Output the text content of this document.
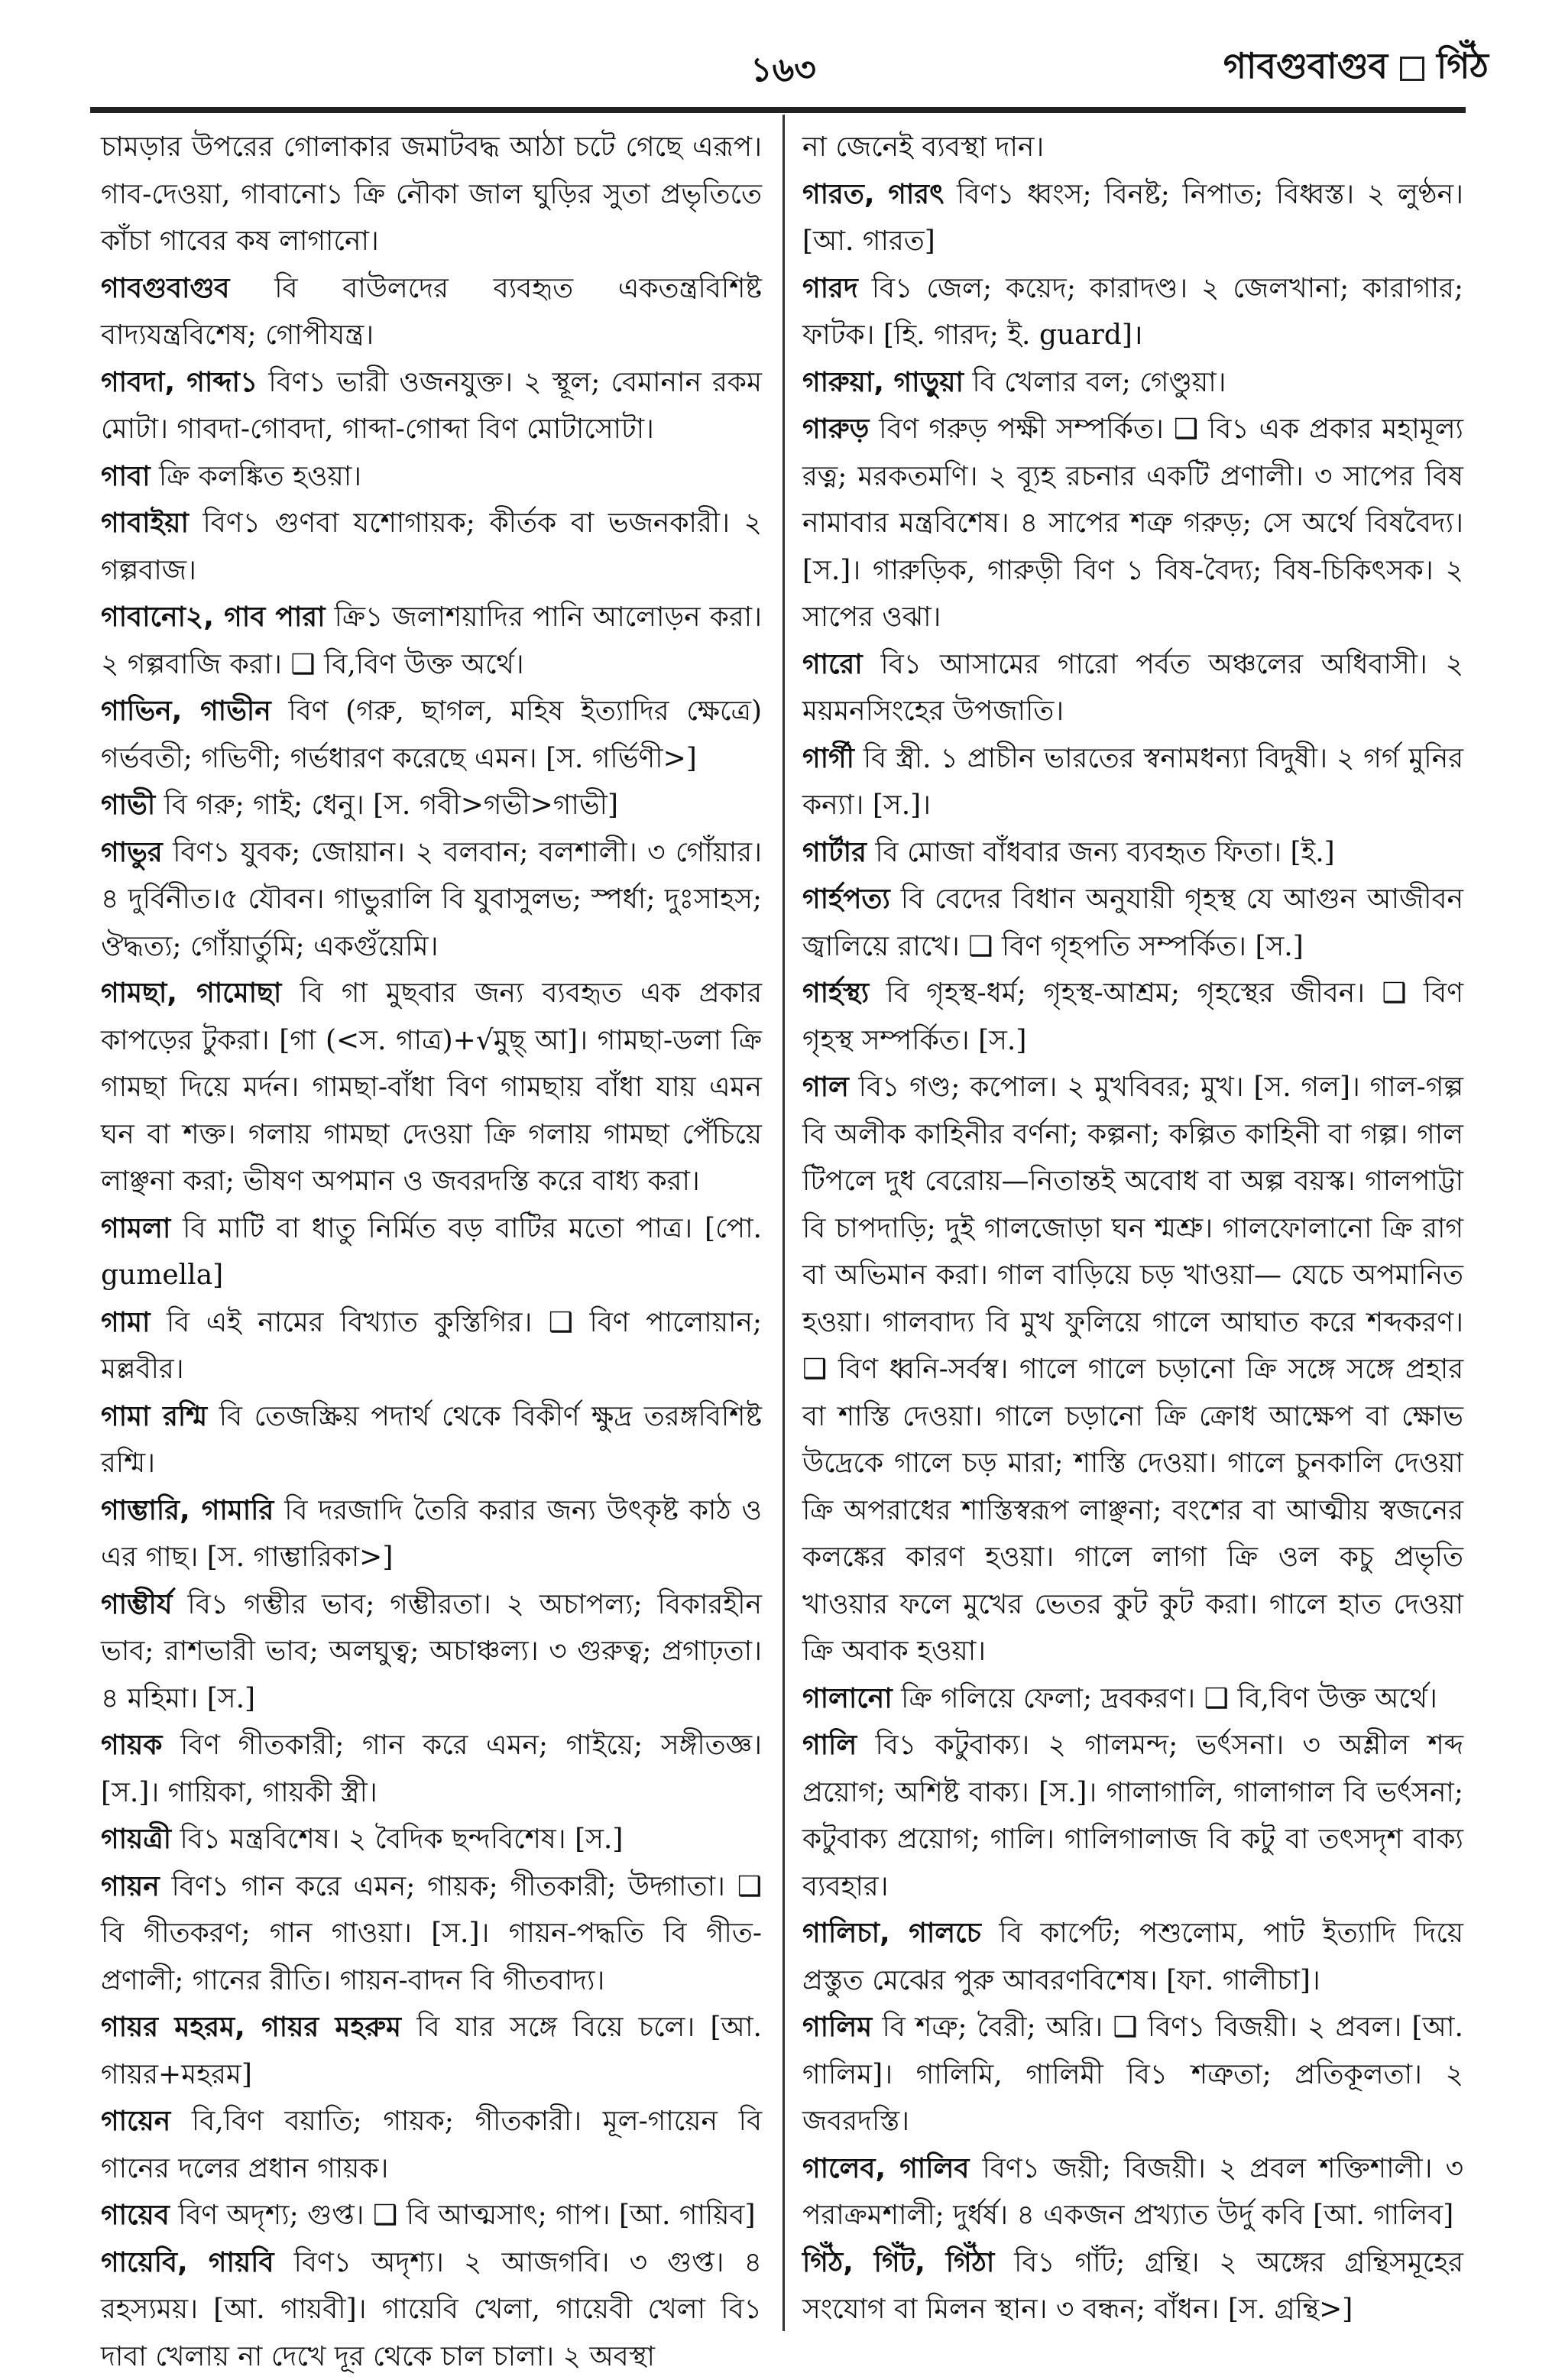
১৬৩	গাবগুবাগুব গিঁঠ

চামড়ার উপরের গোলাকার জমাটবদ্ধ আঠা চটে গেছে এরূপ। গাব-দেওয়া, গাবানো১ ক্রি নৌকা জাল ঘুড়ির সুতা প্রভৃতিতে কাঁচা গাবের কষ লাগানো।

গাবগুবাগুব বি বাউলদের ব্যবহৃত একতন্ত্রবিশিষ্ট বাদ্যযন্ত্রবিশেষ; গোপীযন্ত্র।

গাবদা, গাব্দা১ বিণ১ ভারী ওজনযুক্ত। ২ স্থূল; বেমানান রকম মোটা। গাবদা-গোবদা, গাব্দা-গোব্দা বিণ মোটাসোটা।

গাবা ক্রি কলঙ্কিত হওয়া।

গাবাইয়া বিণ১ গুণবা যশোগায়ক; কীর্তক বা ভজনকারী। ২ গল্পবাজ।

গাবানো২, গাব পারা ক্রি১ জলাশয়াদির পানি আলোড়ন করা। ২ গল্পবাজি করা। ❑ বি,বিণ উক্ত অর্থে।

গাভিন, গাভীন বিণ (গরু, ছাগল, মহিষ ইত্যাদির ক্ষেত্রে) গর্ভবতী; গভিণী; গর্ভধারণ করেছে এমন। [স. গর্ভিণী>]

গাভী বি গরু; গাই; ধেনু। [স. গবী>গভী>গাভী]

গাভুর বিণ১ যুবক; জোয়ান। ২ বলবান; বলশালী। ৩ গোঁয়ার।৪ দুর্বিনীত।৫ যৌবন। গাভুরালি বি যুবাসুলভ; স্পর্ধা; দুঃসাহস; ঔদ্ধত্য; গোঁয়ার্তুমি; একগুঁয়েমি।

গামছা, গামোছা বি গা মুছবার জন্য ব্যবহৃত এক প্রকার কাপড়ের টুকরা। [গা (<স. গাত্র)+√মুছ্ আ]। গামছা-ডলা ক্রি গামছা দিয়ে মর্দন। গামছা-বাঁধা বিণ গামছায় বাঁধা যায় এমন ঘন বা শক্ত। গলায় গামছা দেওয়া ক্রি গলায় গামছা পেঁচিয়ে লাঞ্ছনা করা; ভীষণ অপমান ও জবরদস্তি করে বাধ্য করা।

গামলা বি মাটি বা ধাতু নির্মিত বড় বাটির মতো পাত্র। [পো. gumella]

গামা বি এই নামের বিখ্যাত কুস্তিগির। ❑ বিণ পালোয়ান; মল্লবীর।

গামা রশ্মি বি তেজস্ক্রিয় পদার্থ থেকে বিকীর্ণ ক্ষুদ্র তরঙ্গবিশিষ্ট রশ্মি।

গাম্ভারি, গামারি বি দরজাদি তৈরি করার জন্য উৎকৃষ্ট কাঠ ও এর গাছ। [স. গাম্ভারিকা>]

গাম্ভীর্য বি১ গম্ভীর ভাব; গম্ভীরতা। ২ অচাপল্য; বিকারহীন ভাব; রাশভারী ভাব; অলঘুত্ব; অচাঞ্চল্য। ৩ গুরুত্ব; প্রগাঢ়তা। ৪ মহিমা। [স.]

গায়ক বিণ গীতকারী; গান করে এমন; গাইয়ে; সঙ্গীতজ্ঞ। [স.]। গায়িকা, গায়কী স্ত্রী।

গায়ত্রী বি১ মন্ত্রবিশেষ। ২ বৈদিক ছন্দবিশেষ। [স.]

গায়ন বিণ১ গান করে এমন; গায়ক; গীতকারী; উদ্গাতা। ❑ বি গীতকরণ; গান গাওয়া। [স.]। গায়ন-পদ্ধতি বি গীত-প্রণালী; গানের রীতি। গায়ন-বাদন বি গীতবাদ্য।

গায়র মহরম, গায়র মহরুম বি যার সঙ্গে বিয়ে চলে। [আ. গায়র+মহরম]

গায়েন বি,বিণ বয়াতি; গায়ক; গীতকারী। মূল-গায়েন বি গানের দলের প্রধান গায়ক।

গায়েব বিণ অদৃশ্য; গুপ্ত। ❑ বি আত্মসাৎ; গাপ। [আ. গায়িব]

গায়েবি, গায়বি বিণ১ অদৃশ্য। ২ আজগবি। ৩ গুপ্ত। ৪ রহস্যময়। [আ. গায়বী]। গায়েবি খেলা, গায়েবী খেলা বি১ দাবা খেলায় না দেখে দূর থেকে চাল চালা। ২ অবস্থা

না জেনেই ব্যবস্থা দান।

গারত, গারৎ বিণ১ ধ্বংস; বিনষ্ট; নিপাত; বিধ্বস্ত। ২ লুণ্ঠন। [আ. গারত]

গারদ বি১ জেল; কয়েদ; কারাদণ্ড। ২ জেলখানা; কারাগার; ফাটক। [হি. গারদ; ই. guard]।

গারুয়া, গাড়ুয়া বি খেলার বল; গেণ্ডুয়া।

গারুড় বিণ গরুড় পক্ষী সম্পর্কিত। ❑ বি১ এক প্রকার মহামূল্য রত্ন; মরকতমণি। ২ ব্যূহ রচনার একটি প্রণালী। ৩ সাপের বিষ নামাবার মন্ত্রবিশেষ। ৪ সাপের শত্রু গরুড়; সে অর্থে বিষবৈদ্য। [স.]। গারুড়িক, গারুড়ী বিণ ১ বিষ-বৈদ্য; বিষ-চিকিৎসক। ২ সাপের ওঝা।

গারো বি১ আসামের গারো পর্বত অঞ্চলের অধিবাসী। ২ ময়মনসিংহের উপজাতি।

গার্গী বি স্ত্রী. ১ প্রাচীন ভারতের স্বনামধন্যা বিদুষী। ২ গর্গ মুনির কন্যা। [স.]।

গার্টার বি মোজা বাঁধবার জন্য ব্যবহৃত ফিতা। [ই.]

গার্হপত্য বি বেদের বিধান অনুযায়ী গৃহস্থ যে আগুন আজীবন জ্বালিয়ে রাখে। ❑ বিণ গৃহপতি সম্পর্কিত। [স.]

গার্হস্থ্য বি গৃহস্থ-ধর্ম; গৃহস্থ-আশ্রম; গৃহস্থের জীবন। ❑ বিণ গৃহস্থ সম্পর্কিত। [স.]

গাল বি১ গণ্ড; কপোল। ২ মুখবিবর; মুখ। [স. গল]। গাল-গল্প বি অলীক কাহিনীর বর্ণনা; কল্পনা; কল্পিত কাহিনী বা গল্প। গাল টিপলে দুধ বেরোয়—নিতান্তই অবোধ বা অল্প বয়স্ক। গালপাট্টা বি চাপদাড়ি; দুই গালজোড়া ঘন শ্মশ্রু। গালফোলানো ক্রি রাগ বা অভিমান করা। গাল বাড়িয়ে চড় খাওয়া— যেচে অপমানিত হওয়া। গালবাদ্য বি মুখ ফুলিয়ে গালে আঘাত করে শব্দকরণ। ❑ বিণ ধ্বনি-সর্বস্ব। গালে গালে চড়ানো ক্রি সঙ্গে সঙ্গে প্রহার বা শাস্তি দেওয়া। গালে চড়ানো ক্রি ক্রোধ আক্ষেপ বা ক্ষোভ উদ্রেকে গালে চড় মারা; শাস্তি দেওয়া। গালে চুনকালি দেওয়া ক্রি অপরাধের শাস্তিস্বরূপ লাঞ্ছনা; বংশের বা আত্মীয় স্বজনের কলঙ্কের কারণ হওয়া। গালে লাগা ক্রি ওল কচু প্রভৃতি খাওয়ার ফলে মুখের ভেতর কুট কুট করা। গালে হাত দেওয়া ক্রি অবাক হওয়া।

গালানো ক্রি গলিয়ে ফেলা; দ্রবকরণ। ❑ বি,বিণ উক্ত অর্থে।

গালি বি১ কটুবাক্য। ২ গালমন্দ; ভর্ৎসনা। ৩ অশ্লীল শব্দ প্রয়োগ; অশিষ্ট বাক্য। [স.]। গালাগালি, গালাগাল বি ভর্ৎসনা; কটুবাক্য প্রয়োগ; গালি। গালিগালাজ বি কটু বা তৎসদৃশ বাক্য ব্যবহার।

গালিচা, গালচে বি কার্পেট; পশুলোম, পাট ইত্যাদি দিয়ে প্রস্তুত মেঝের পুরু আবরণবিশেষ। [ফা. গালীচা]।

গালিম বি শত্রু; বৈরী; অরি। ❑ বিণ১ বিজয়ী। ২ প্রবল। [আ. গালিম]। গালিমি, গালিমী বি১ শত্রুতা; প্রতিকূলতা। ২ জবরদস্তি।

গালেব, গালিব বিণ১ জয়ী; বিজয়ী। ২ প্রবল শক্তিশালী। ৩ পরাক্রমশালী; দুর্ধর্ষ। ৪ একজন প্রখ্যাত উর্দু কবি [আ. গালিব]

গিঁঠ, গিঁট, গিঁঠা বি১ গাঁট; গ্রন্থি। ২ অঙ্গের গ্রন্থিসমূহের সংযোগ বা মিলন স্থান। ৩ বন্ধন; বাঁধন। [স. গ্রন্থি>]
